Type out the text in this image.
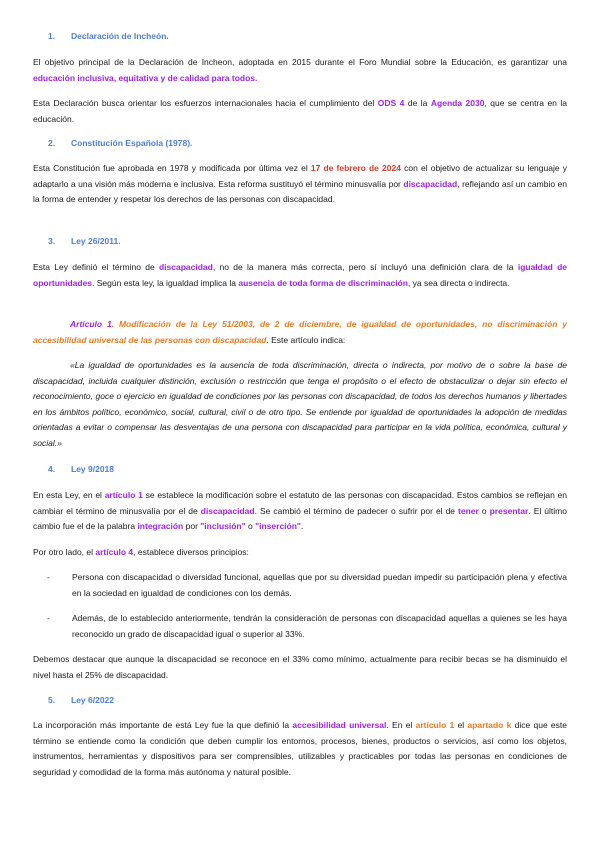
1. Declaración de Incheón.
El objetivo principal de la Declaración de Incheon, adoptada en 2015 durante el Foro Mundial sobre la Educación, es garantizar una educación inclusiva, equitativa y de calidad para todos.
Esta Declaración busca orientar los esfuerzos internacionales hacia el cumplimiento del ODS 4 de la Agenda 2030, que se centra en la educación.
2. Constitución Española (1978).
Esta Constitución fue aprobada en 1978 y modificada por última vez el 17 de febrero de 2024 con el objetivo de actualizar su lenguaje y adaptarlo a una visión más moderna e inclusiva. Esta reforma sustituyó el término minusvalía por discapacidad, reflejando así un cambio en la forma de entender y respetar los derechos de las personas con discapacidad.
3. Ley 26/2011.
Esta Ley definió el término de discapacidad, no de la manera más correcta, pero sí incluyó una definición clara de la igualdad de oportunidades. Según esta ley, la igualdad implica la ausencia de toda forma de discriminación, ya sea directa o indirecta.
Artículo 1. Modificación de la Ley 51/2003, de 2 de diciembre, de igualdad de oportunidades, no discriminación y accesibilidad universal de las personas con discapacidad. Este artículo indica:
«La igualdad de oportunidades es la ausencia de toda discriminación, directa o indirecta, por motivo de o sobre la base de discapacidad, incluida cualquier distinción, exclusión o restricción que tenga el propósito o el efecto de obstaculizar o dejar sin efecto el reconocimiento, goce o ejercicio en igualdad de condiciones por las personas con discapacidad, de todos los derechos humanos y libertades en los ámbitos político, económico, social, cultural, civil o de otro tipo. Se entiende por igualdad de oportunidades la adopción de medidas orientadas a evitar o compensar las desventajas de una persona con discapacidad para participar en la vida política, económica, cultural y social.»
4. Ley 9/2018
En esta Ley, en el artículo 1 se establece la modificación sobre el estatuto de las personas con discapacidad. Estos cambios se reflejan en cambiar el término de minusvalía por el de discapacidad. Se cambió el término de padecer o sufrir por el de tener o presentar. El último cambio fue el de la palabra integración por "inclusión" o "inserción".
Por otro lado, el artículo 4, establece diversos principios:
-	Persona con discapacidad o diversidad funcional, aquellas que por su diversidad puedan impedir su participación plena y efectiva en la sociedad en igualdad de condiciones con los demás.
-	Además, de lo establecido anteriormente, tendrán la consideración de personas con discapacidad aquellas a quienes se les haya reconocido un grado de discapacidad igual o superior al 33%.
Debemos destacar que aunque la discapacidad se reconoce en el 33% como mínimo, actualmente para recibir becas se ha disminuido el nivel hasta el 25% de discapacidad.
5. Ley 6/2022
La incorporación más importante de está Ley fue la que definió la accesibilidad universal. En el artículo 1 el apartado k dice que este término se entiende como la condición que deben cumplir los entornos, procesos, bienes, productos o servicios, así como los objetos, instrumentos, herramientas y dispositivos para ser comprensibles, utilizables y practicables por todas las personas en condiciones de seguridad y comodidad de la forma más autónoma y natural posible.
